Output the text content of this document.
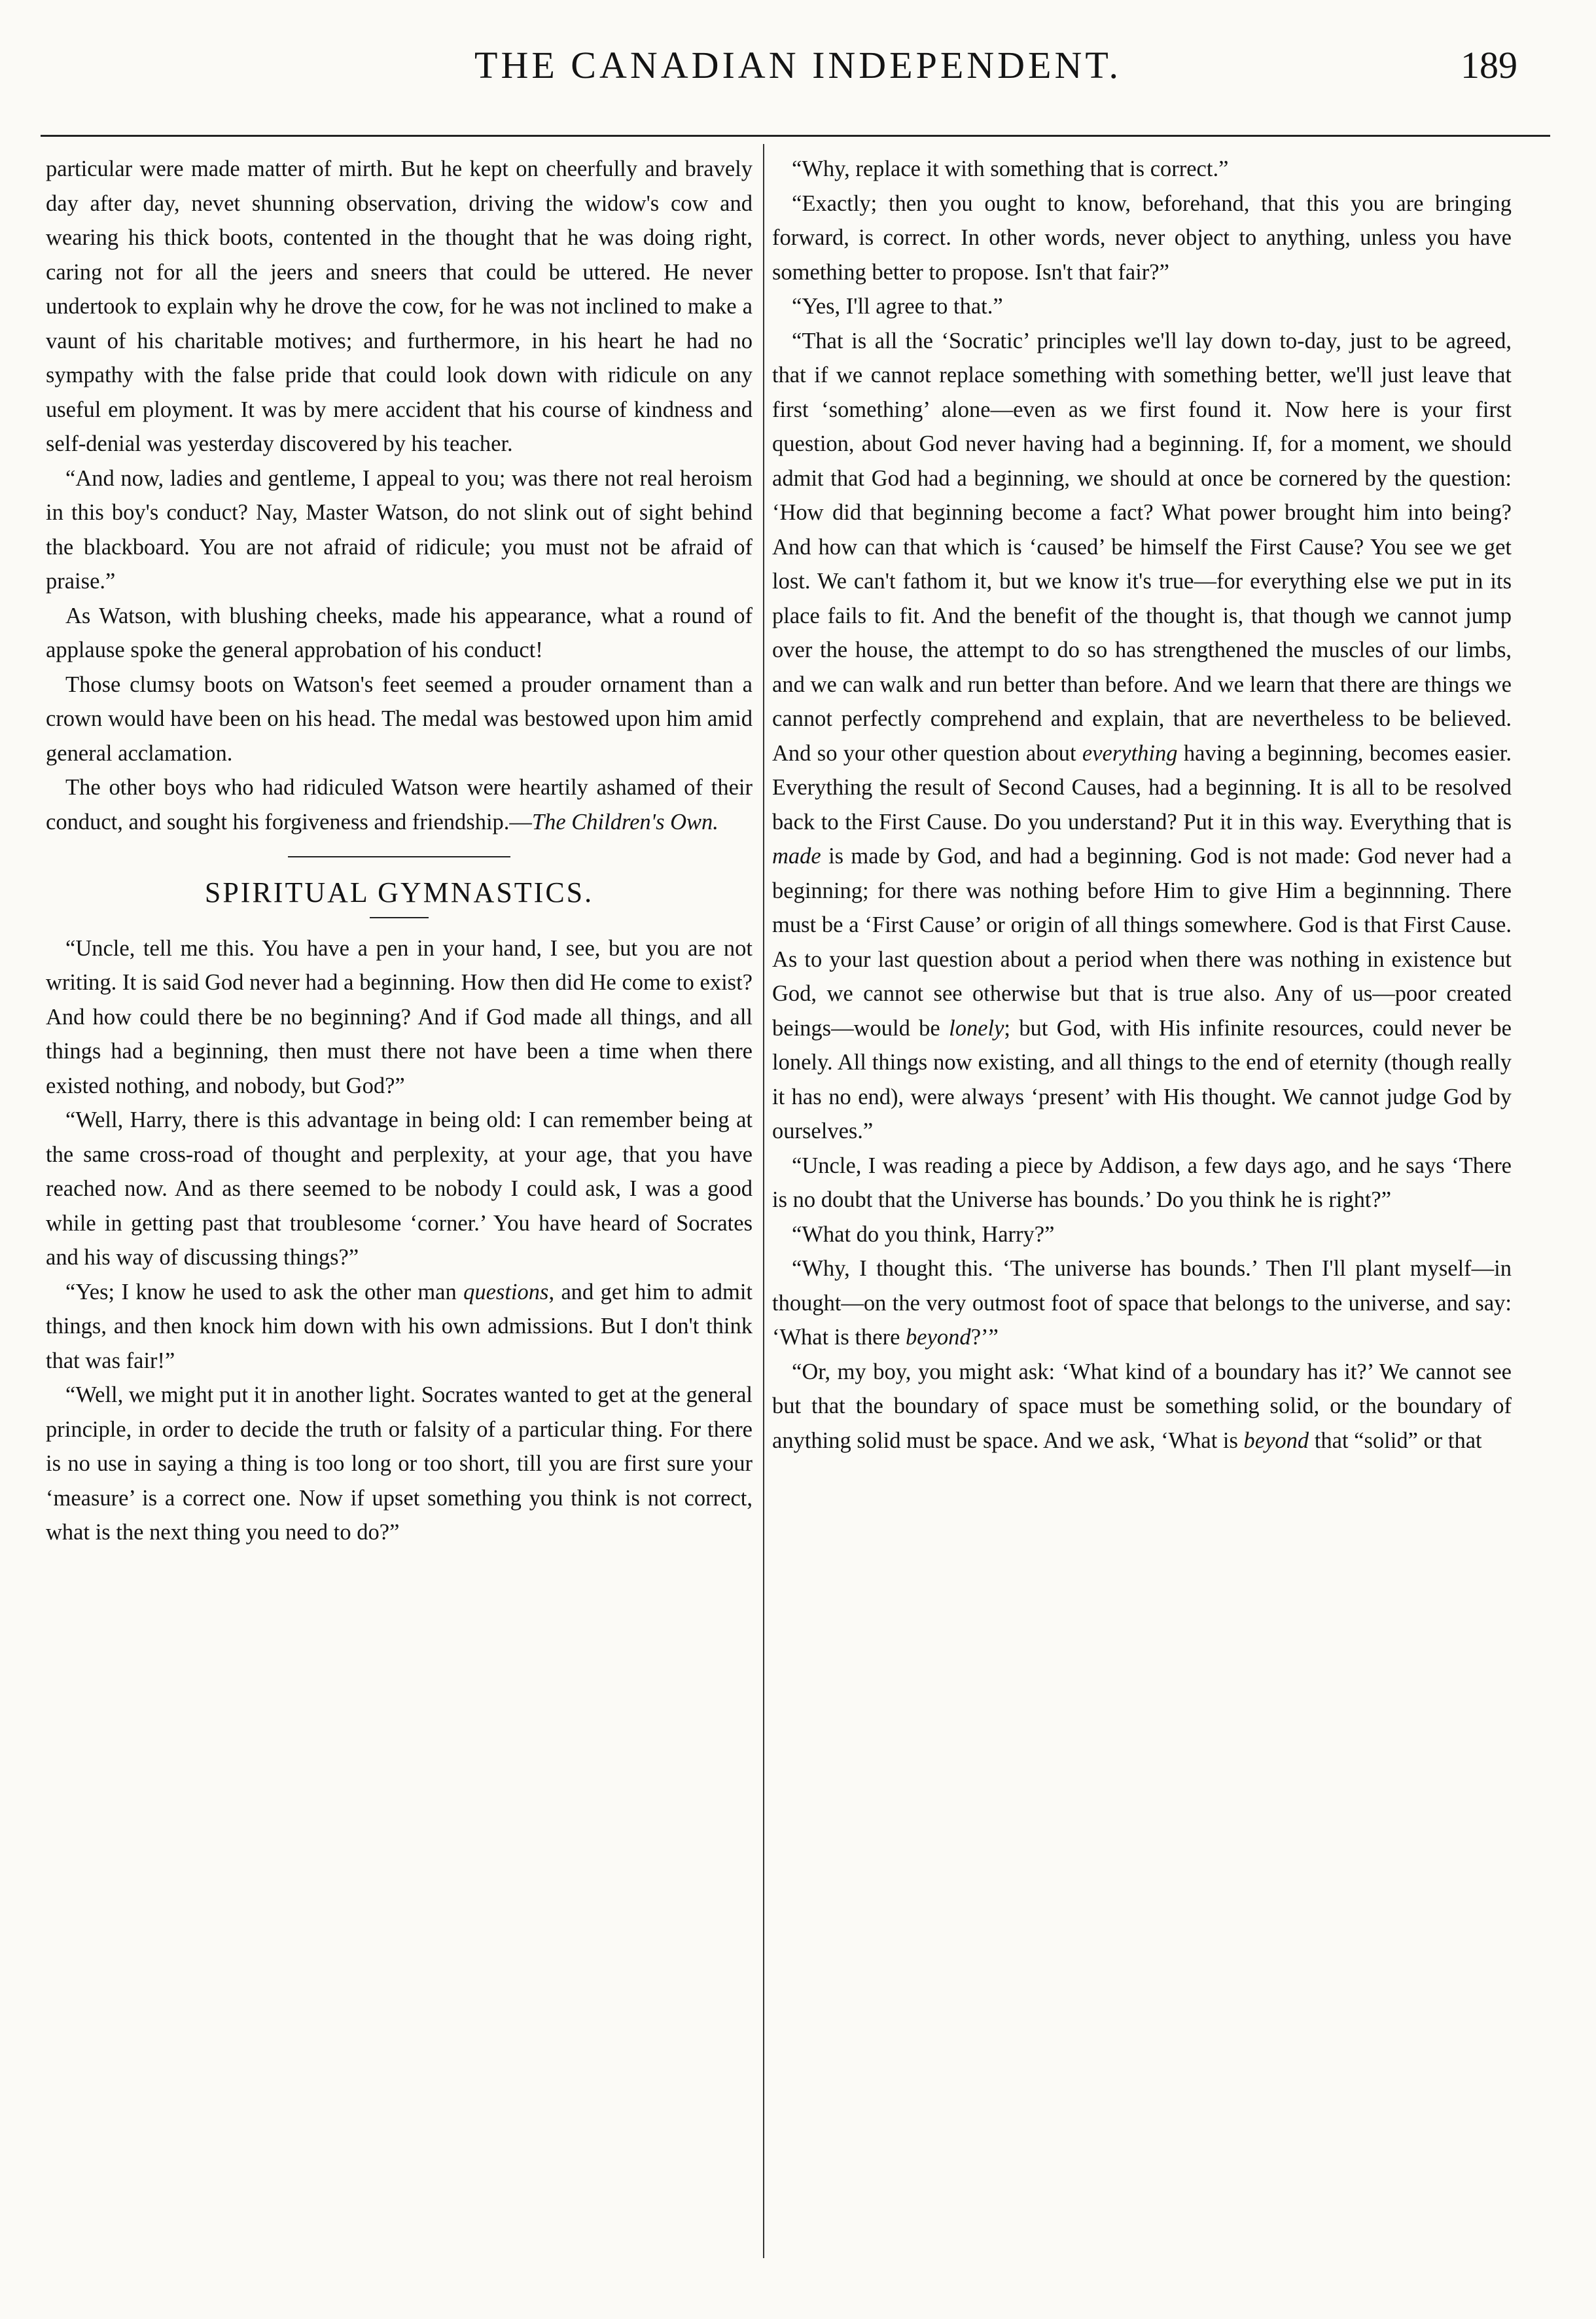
THE CANADIAN INDEPENDENT.	189

particular were made matter of mirth. But he kept on cheerfully and bravely day after day, nevet shunning observation, driving the widow's cow and wearing his thick boots, contented in the thought that he was doing right, caring not for all the jeers and sneers that could be uttered. He never undertook to explain why he drove the cow, for he was not inclined to make a vaunt of his charitable motives; and furthermore, in his heart he had no sympathy with the false pride that could look down with ridicule on any useful em ployment. It was by mere accident that his course of kindness and self-denial was yesterday discovered by his teacher.

“And now, ladies and gentleme, I appeal to you; was there not real heroism in this boy's conduct? Nay, Master Watson, do not slink out of sight behind the blackboard. You are not afraid of ridicule; you must not be afraid of praise.”

As Watson, with blushing cheeks, made his appearance, what a round of applause spoke the general approbation of his conduct!

Those clumsy boots on Watson's feet seemed a prouder ornament than a crown would have been on his head. The medal was bestowed upon him amid general acclamation.

The other boys who had ridiculed Watson were heartily ashamed of their conduct, and sought his forgiveness and friendship.—The Children's Own.

SPIRITUAL GYMNASTICS.

“Uncle, tell me this. You have a pen in your hand, I see, but you are not writing. It is said God never had a beginning. How then did He come to exist? And how could there be no beginning? And if God made all things, and all things had a beginning, then must there not have been a time when there existed nothing, and nobody, but God?”

“Well, Harry, there is this advantage in being old: I can remember being at the same cross-road of thought and perplexity, at your age, that you have reached now. And as there seemed to be nobody I could ask, I was a good while in getting past that troublesome ‘corner.’ You have heard of Socrates and his way of discussing things?”

“Yes; I know he used to ask the other man questions, and get him to admit things, and then knock him down with his own admissions. But I don't think that was fair!”

“Well, we might put it in another light. Socrates wanted to get at the general principle, in order to decide the truth or falsity of a particular thing. For there is no use in saying a thing is too long or too short, till you are first sure your ‘measure’ is a correct one. Now if upset something you think is not correct, what is the next thing you need to do?”

“Why, replace it with something that is correct.”

“Exactly; then you ought to know, beforehand, that this you are bringing forward, is correct. In other words, never object to anything, unless you have something better to propose. Isn't that fair?”

“Yes, I'll agree to that.”

“That is all the ‘Socratic’ principles we'll lay down to-day, just to be agreed, that if we cannot replace something with something better, we'll just leave that first ‘something’ alone—even as we first found it. Now here is your first question, about God never having had a beginning. If, for a moment, we should admit that God had a beginning, we should at once be cornered by the question: ‘How did that beginning become a fact? What power brought him into being? And how can that which is ‘caused’ be himself the First Cause? You see we get lost. We can't fathom it, but we know it's true—for everything else we put in its place fails to fit. And the benefit of the thought is, that though we cannot jump over the house, the attempt to do so has strengthened the muscles of our limbs, and we can walk and run better than before. And we learn that there are things we cannot perfectly comprehend and explain, that are nevertheless to be believed. And so your other question about everything having a beginning, becomes easier. Everything the result of Second Causes, had a beginning. It is all to be resolved back to the First Cause. Do you understand? Put it in this way. Everything that is made is made by God, and had a beginning. God is not made: God never had a beginning; for there was nothing before Him to give Him a beginnning. There must be a ‘First Cause’ or origin of all things somewhere. God is that First Cause. As to your last question about a period when there was nothing in existence but God, we cannot see otherwise but that is true also. Any of us—poor created beings—would be lonely; but God, with His infinite resources, could never be lonely. All things now existing, and all things to the end of eternity (though really it has no end), were always ‘present’ with His thought. We cannot judge God by ourselves.”

“Uncle, I was reading a piece by Addison, a few days ago, and he says ‘There is no doubt that the Universe has bounds.’ Do you think he is right?”

“What do you think, Harry?”

“Why, I thought this. ‘The universe has bounds.’ Then I'll plant myself—in thought—on the very outmost foot of space that belongs to the universe, and say: ‘What is there beyond?’”

“Or, my boy, you might ask: ‘What kind of a boundary has it?’ We cannot see but that the boundary of space must be something solid, or the boundary of anything solid must be space. And we ask, ‘What is beyond that “solid” or that
